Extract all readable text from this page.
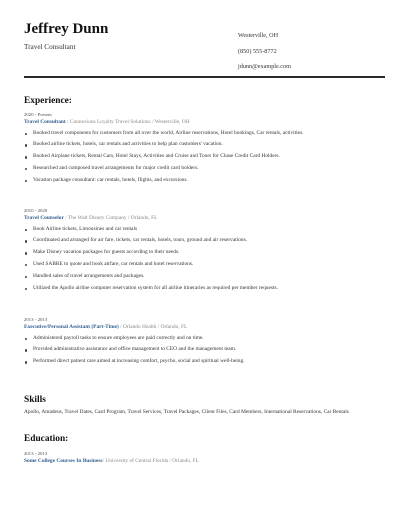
Jeffrey Dunn
Travel Consultant
Westerville, OH
(850) 555-8772
jdunn@example.com
Experience:
2020 - Present
Travel Consultant / Connexions Loyalty Travel Solutions / Westerville, OH
Booked travel components for customers from all over the world, Airline reservations, Hotel bookings, Car rentals, activities.
Booked airline tickets, hotels, car rentals and activities to help plan customers' vacation.
Booked Airplane tickets, Rental Cars, Hotel Stays, Activities and Cruise and Tours for Chase Credit Card Holders.
Researched and composed travel arrangements for major credit card holders.
Vacation package consultant: car rentals, hotels, flights, and excursions.
2010 - 2020
Travel Counselor / The Walt Disney Company / Orlando, FL
Book Airline tickets, Limousines and car rentals
Coordinated and arranged for air fare, tickets, car rentals, hotels, tours, ground and air reservations.
Make Disney vacation packages for guests according to their needs.
Used SABRE to quote and book airfare, car rentals and hotel reservations.
Handled sales of travel arrangements and packages.
Utilized the Apollo airline computer reservation system for all airline itineraries as required per member requests.
2013 - 2013
Executive/Personal Assistant (Part-Time) / Orlando Health / Orlando, FL
Administered payroll tasks to ensure employees are paid correctly and on time.
Provided administrative assistance and office management to CEO and the management team.
Performed direct patient care aimed at increasing comfort, psycho, social and spiritual well-being.
Skills
Apollo, Amadeus, Travel Dates, Card Program, Travel Services, Travel Packages, Client Files, Card Members, International Reservations, Car Rentals
Education:
2013 - 2013
Some College Courses In Business/ University of Central Florida / Orlando, FL
